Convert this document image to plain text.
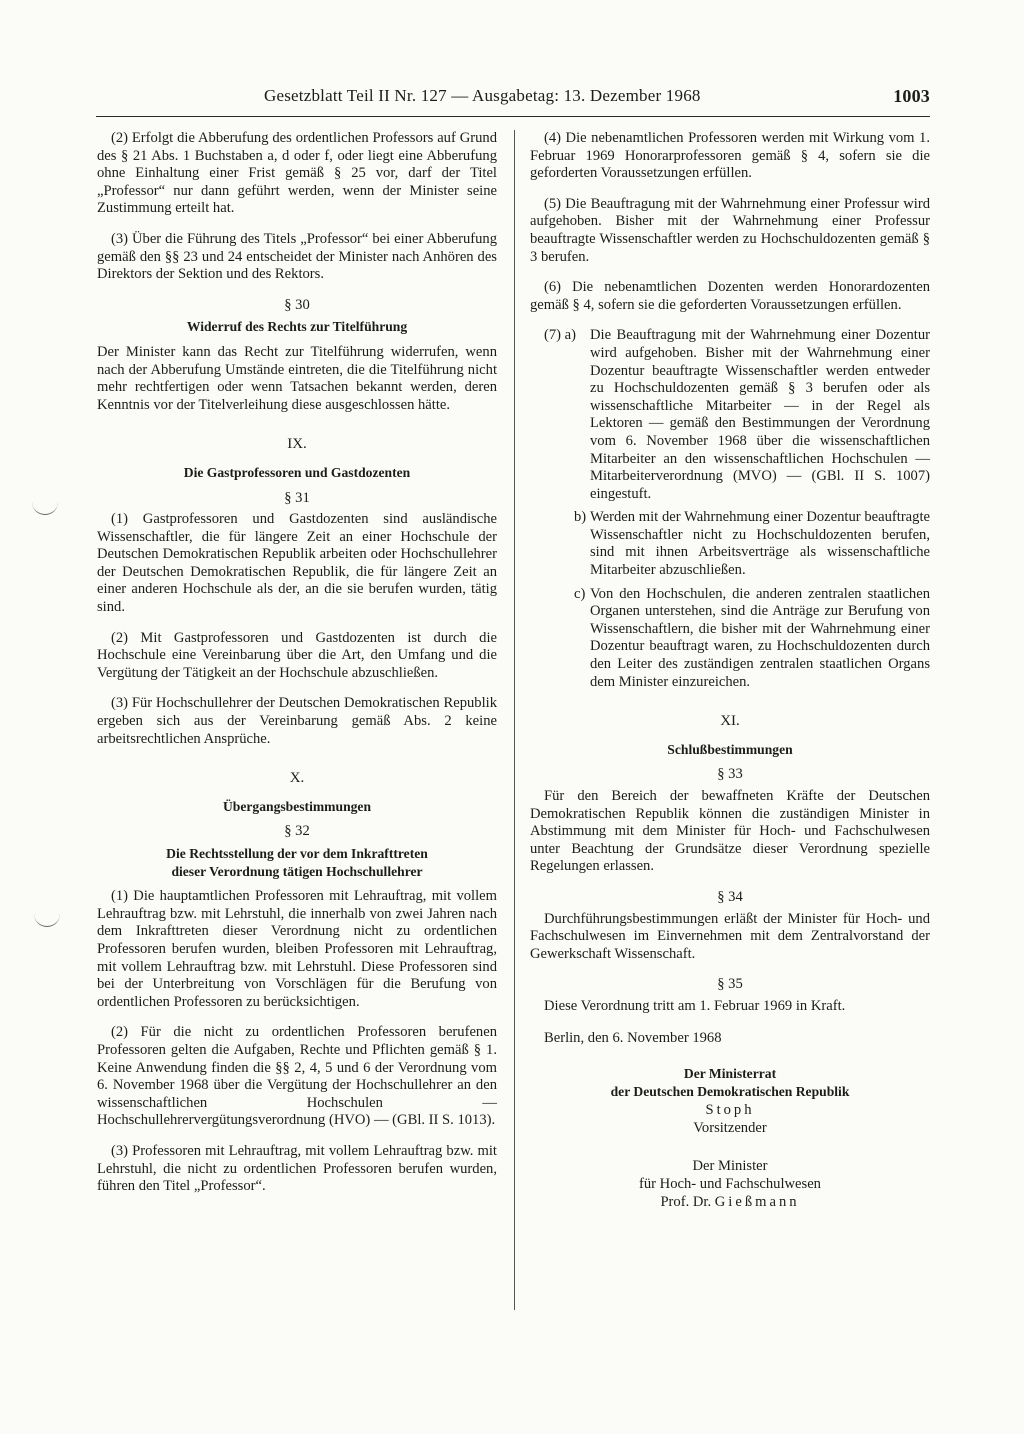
Gesetzblatt Teil II Nr. 127 — Ausgabetag: 13. Dezember 1968	1003

(2) Erfolgt die Abberufung des ordentlichen Professors auf Grund des § 21 Abs. 1 Buchstaben a, d oder f, oder liegt eine Abberufung ohne Einhaltung einer Frist gemäß § 25 vor, darf der Titel „Professor“ nur dann geführt werden, wenn der Minister seine Zustimmung erteilt hat.

(3) Über die Führung des Titels „Professor“ bei einer Abberufung gemäß den §§ 23 und 24 entscheidet der Minister nach Anhören des Direktors der Sektion und des Rektors.

§ 30
Widerruf des Rechts zur Titelführung

Der Minister kann das Recht zur Titelführung widerrufen, wenn nach der Abberufung Umstände eintreten, die die Titelführung nicht mehr rechtfertigen oder wenn Tatsachen bekannt werden, deren Kenntnis vor der Titelverleihung diese ausgeschlossen hätte.

IX.
Die Gastprofessoren und Gastdozenten
§ 31

(1) Gastprofessoren und Gastdozenten sind ausländische Wissenschaftler, die für längere Zeit an einer Hochschule der Deutschen Demokratischen Republik arbeiten oder Hochschullehrer der Deutschen Demokratischen Republik, die für längere Zeit an einer anderen Hochschule als der, an die sie berufen wurden, tätig sind.

(2) Mit Gastprofessoren und Gastdozenten ist durch die Hochschule eine Vereinbarung über die Art, den Umfang und die Vergütung der Tätigkeit an der Hochschule abzuschließen.

(3) Für Hochschullehrer der Deutschen Demokratischen Republik ergeben sich aus der Vereinbarung gemäß Abs. 2 keine arbeitsrechtlichen Ansprüche.

X.
Übergangsbestimmungen
§ 32
Die Rechtsstellung der vor dem Inkrafttreten
dieser Verordnung tätigen Hochschullehrer

(1) Die hauptamtlichen Professoren mit Lehrauftrag, mit vollem Lehrauftrag bzw. mit Lehrstuhl, die innerhalb von zwei Jahren nach dem Inkrafttreten dieser Verordnung nicht zu ordentlichen Professoren berufen wurden, bleiben Professoren mit Lehrauftrag, mit vollem Lehrauftrag bzw. mit Lehrstuhl. Diese Professoren sind bei der Unterbreitung von Vorschlägen für die Berufung von ordentlichen Professoren zu berücksichtigen.

(2) Für die nicht zu ordentlichen Professoren berufenen Professoren gelten die Aufgaben, Rechte und Pflichten gemäß § 1. Keine Anwendung finden die §§ 2, 4, 5 und 6 der Verordnung vom 6. November 1968 über die Vergütung der Hochschullehrer an den wissenschaftlichen Hochschulen — Hochschullehrervergütungsverordnung (HVO) — (GBl. II S. 1013).

(3) Professoren mit Lehrauftrag, mit vollem Lehrauftrag bzw. mit Lehrstuhl, die nicht zu ordentlichen Professoren berufen wurden, führen den Titel „Professor“.

(4) Die nebenamtlichen Professoren werden mit Wirkung vom 1. Februar 1969 Honorarprofessoren gemäß § 4, sofern sie die geforderten Voraussetzungen erfüllen.

(5) Die Beauftragung mit der Wahrnehmung einer Professur wird aufgehoben. Bisher mit der Wahrnehmung einer Professur beauftragte Wissenschaftler werden zu Hochschuldozenten gemäß § 3 berufen.

(6) Die nebenamtlichen Dozenten werden Honorardozenten gemäß § 4, sofern sie die geforderten Voraussetzungen erfüllen.

(7) a) Die Beauftragung mit der Wahrnehmung einer Dozentur wird aufgehoben. Bisher mit der Wahrnehmung einer Dozentur beauftragte Wissenschaftler werden entweder zu Hochschuldozenten gemäß § 3 berufen oder als wissenschaftliche Mitarbeiter — in der Regel als Lektoren — gemäß den Bestimmungen der Verordnung vom 6. November 1968 über die wissenschaftlichen Mitarbeiter an den wissenschaftlichen Hochschulen — Mitarbeiterverordnung (MVO) — (GBl. II S. 1007) eingestuft.
b) Werden mit der Wahrnehmung einer Dozentur beauftragte Wissenschaftler nicht zu Hochschuldozenten berufen, sind mit ihnen Arbeitsverträge als wissenschaftliche Mitarbeiter abzuschließen.
c) Von den Hochschulen, die anderen zentralen staatlichen Organen unterstehen, sind die Anträge zur Berufung von Wissenschaftlern, die bisher mit der Wahrnehmung einer Dozentur beauftragt waren, zu Hochschuldozenten durch den Leiter des zuständigen zentralen staatlichen Organs dem Minister einzureichen.
XI.
Schlußbestimmungen
§ 33

Für den Bereich der bewaffneten Kräfte der Deutschen Demokratischen Republik können die zuständigen Minister in Abstimmung mit dem Minister für Hoch- und Fachschulwesen unter Beachtung der Grundsätze dieser Verordnung spezielle Regelungen erlassen.

§ 34

Durchführungsbestimmungen erläßt der Minister für Hoch- und Fachschulwesen im Einvernehmen mit dem Zentralvorstand der Gewerkschaft Wissenschaft.

§ 35

Diese Verordnung tritt am 1. Februar 1969 in Kraft.

Berlin, den 6. November 1968
Der Ministerrat
der Deutschen Demokratischen Republik
Stoph
Vorsitzender
Der Minister
für Hoch- und Fachschulwesen
Prof. Dr. Gießmann
